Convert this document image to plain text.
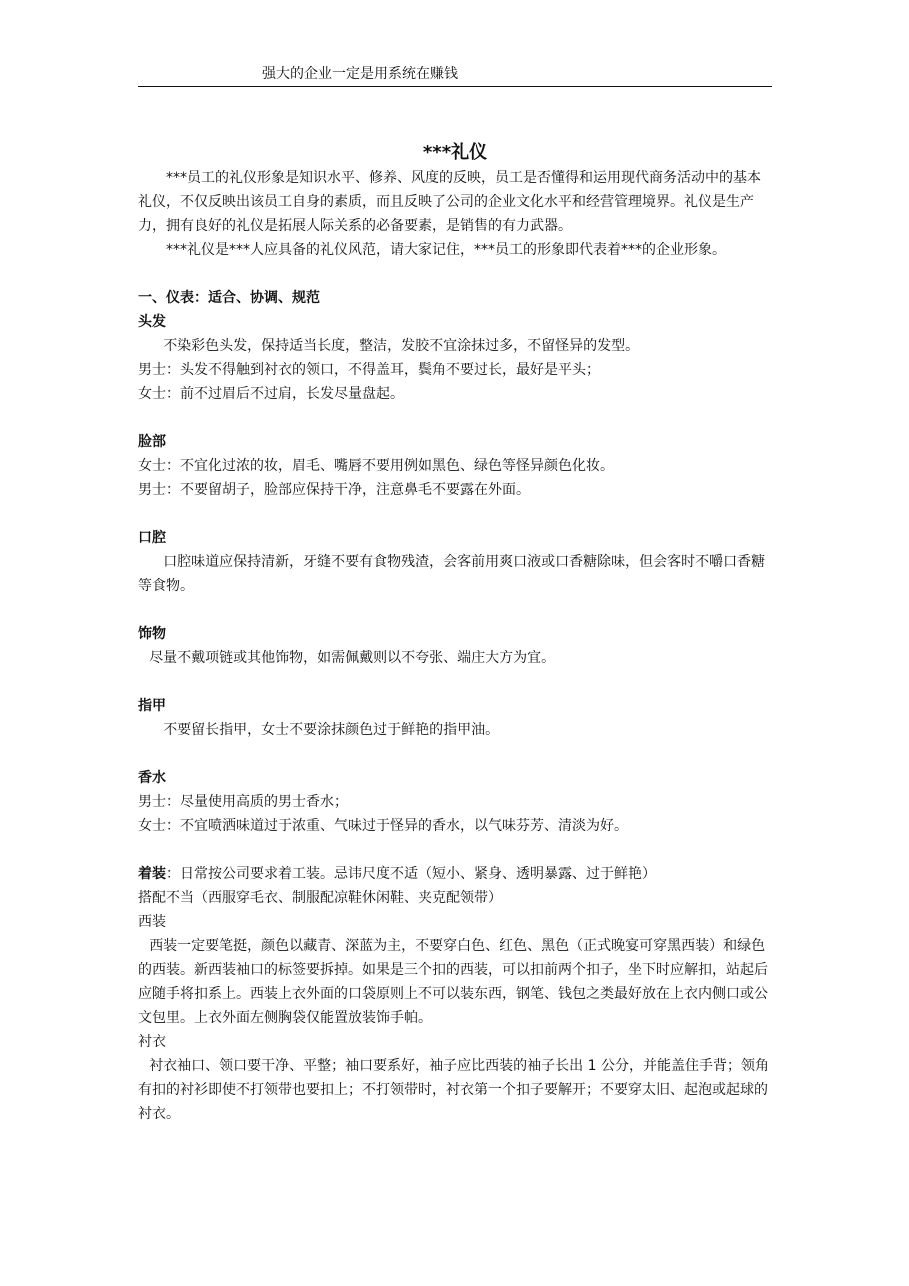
强大的企业一定是用系统在赚钱
***礼仪

***员工的礼仪形象是知识水平、修养、风度的反映，员工是否懂得和运用现代商务活动中的基本礼仪，不仅反映出该员工自身的素质，而且反映了公司的企业文化水平和经营管理境界。礼仪是生产力，拥有良好的礼仪是拓展人际关系的必备要素，是销售的有力武器。

***礼仪是***人应具备的礼仪风范，请大家记住，***员工的形象即代表着***的企业形象。

一、仪表：适合、协调、规范

头发

不染彩色头发，保持适当长度，整洁，发胶不宜涂抹过多，不留怪异的发型。

男士：头发不得触到衬衣的领口，不得盖耳，鬓角不要过长，最好是平头；

女士：前不过眉后不过肩，长发尽量盘起。

脸部

女士：不宜化过浓的妆，眉毛、嘴唇不要用例如黑色、绿色等怪异颜色化妆。

男士：不要留胡子，脸部应保持干净，注意鼻毛不要露在外面。

口腔

口腔味道应保持清新，牙缝不要有食物残渣，会客前用爽口液或口香糖除味，但会客时不嚼口香糖等食物。

饰物

尽量不戴项链或其他饰物，如需佩戴则以不夸张、端庄大方为宜。

指甲

不要留长指甲，女士不要涂抹颜色过于鲜艳的指甲油。

香水

男士：尽量使用高质的男士香水；

女士：不宜喷洒味道过于浓重、气味过于怪异的香水，以气味芬芳、清淡为好。

着装：日常按公司要求着工装。忌讳尺度不适（短小、紧身、透明暴露、过于鲜艳）

搭配不当（西服穿毛衣、制服配凉鞋休闲鞋、夹克配领带）

西装

西装一定要笔挺，颜色以藏青、深蓝为主，不要穿白色、红色、黑色（正式晚宴可穿黑西装）和绿色的西装。新西装袖口的标签要拆掉。如果是三个扣的西装，可以扣前两个扣子，坐下时应解扣，站起后应随手将扣系上。西装上衣外面的口袋原则上不可以装东西，钢笔、钱包之类最好放在上衣内侧口或公文包里。上衣外面左侧胸袋仅能置放装饰手帕。

衬衣

衬衣袖口、领口要干净、平整；袖口要系好，袖子应比西装的袖子长出 1 公分，并能盖住手背；领角有扣的衬衫即使不打领带也要扣上；不打领带时，衬衣第一个扣子要解开；不要穿太旧、起泡或起球的衬衣。
